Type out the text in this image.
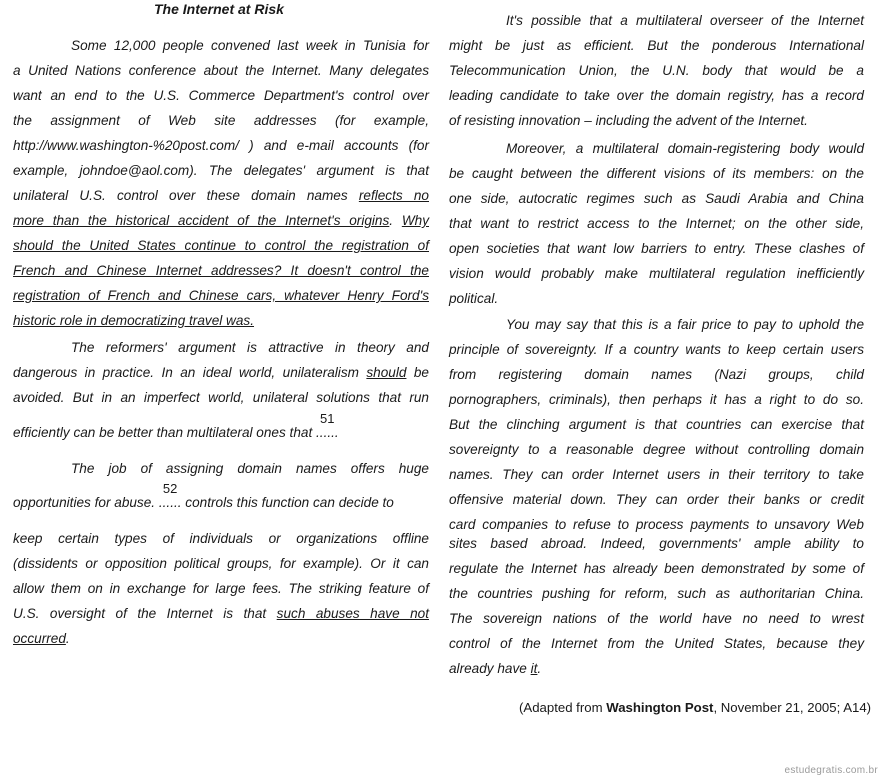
The Internet at Risk
Some 12,000 people convened last week in Tunisia for
a United Nations conference about the Internet. Many delegates
want an end to the U.S. Commerce Department's control over
the assignment of Web site addresses (for example,
http://www.washington-%20post.com/ ) and e-mail accounts (for
example, johndoe@aol.com). The delegates' argument is that
unilateral U.S. control over these domain names reflects no
more than the historical accident of the Internet's origins. Why
should the United States continue to control the registration of
French and Chinese Internet addresses? It doesn't control the
registration of French and Chinese cars, whatever Henry Ford's
historic role in democratizing travel was.
The reformers' argument is attractive in theory and
dangerous in practice. In an ideal world, unilateralism should be
avoided. But in an imperfect world, unilateral solutions that run
efficiently can be better than multilateral ones that
51
......
The job of assigning domain names offers huge
opportunities for abuse.
52
...... controls this function can decide to
keep certain types of individuals or organizations offline
(dissidents or opposition political groups, for example). Or it can
allow them on in exchange for large fees. The striking feature of
U.S. oversight of the Internet is that such abuses have not
occurred.
It's possible that a multilateral overseer of the Internet
might be just as efficient. But the ponderous International
Telecommunication Union, the U.N. body that would be a
leading candidate to take over the domain registry, has a record
of resisting innovation – including the advent of the Internet.
Moreover, a multilateral domain-registering body would
be caught between the different visions of its members: on the
one side, autocratic regimes such as Saudi Arabia and China
that want to restrict access to the Internet; on the other side,
open societies that want low barriers to entry. These clashes of
vision would probably make multilateral regulation inefficiently
political.
You may say that this is a fair price to pay to uphold the
principle of sovereignty. If a country wants to keep certain users
from registering domain names (Nazi groups, child
pornographers, criminals), then perhaps it has a right to do so.
But the clinching argument is that countries can exercise that
sovereignty to a reasonable degree without controlling domain
names. They can order Internet users in their territory to take
offensive material down. They can order their banks or credit
card companies to refuse to process payments to unsavory Web
sites based abroad. Indeed, governments' ample ability to
regulate the Internet has already been demonstrated by some of
the countries pushing for reform, such as authoritarian China.
The sovereign nations of the world have no need to wrest
control of the Internet from the United States, because they
already have it.
(Adapted from Washington Post, November 21, 2005; A14)
estudegratis.com.br
